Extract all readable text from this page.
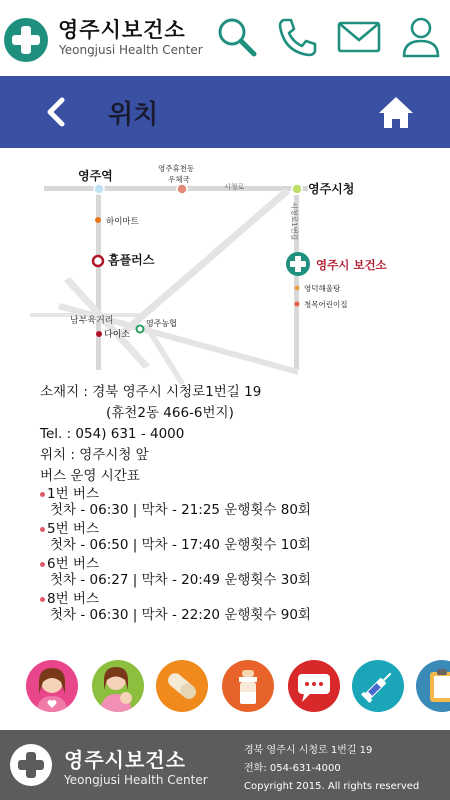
영주시보건소
Yeongjusi Health Center
위치
영주역
영주휴천동
우체국
시청로	영주시청
하이마트
홈플러스	영주시 보건소
영덕해울탕
청목어린이집
남부육거리
다이소
영주농협
시청로1번길
소재지 : 경북 영주시 시청로1번길 19
(휴천2동 466-6번지)
Tel. : 054) 631 - 4000
위치 : 영주시청 앞
버스 운영 시간표
1번 버스
첫차 - 06:30 | 막차 - 21:25 운행횟수 80회
5번 버스
첫차 - 06:50 | 막차 - 17:40 운행횟수 10회
6번 버스
첫차 - 06:27 | 막차 - 20:49 운행횟수 30회
8번 버스
첫차 - 06:30 | 막차 - 22:20 운행횟수 90회
영주시보건소
Yeongjusi Health Center
경북 영주시 시청로 1번길 19
전화: 054-631-4000
Copyright 2015. All rights reserved
